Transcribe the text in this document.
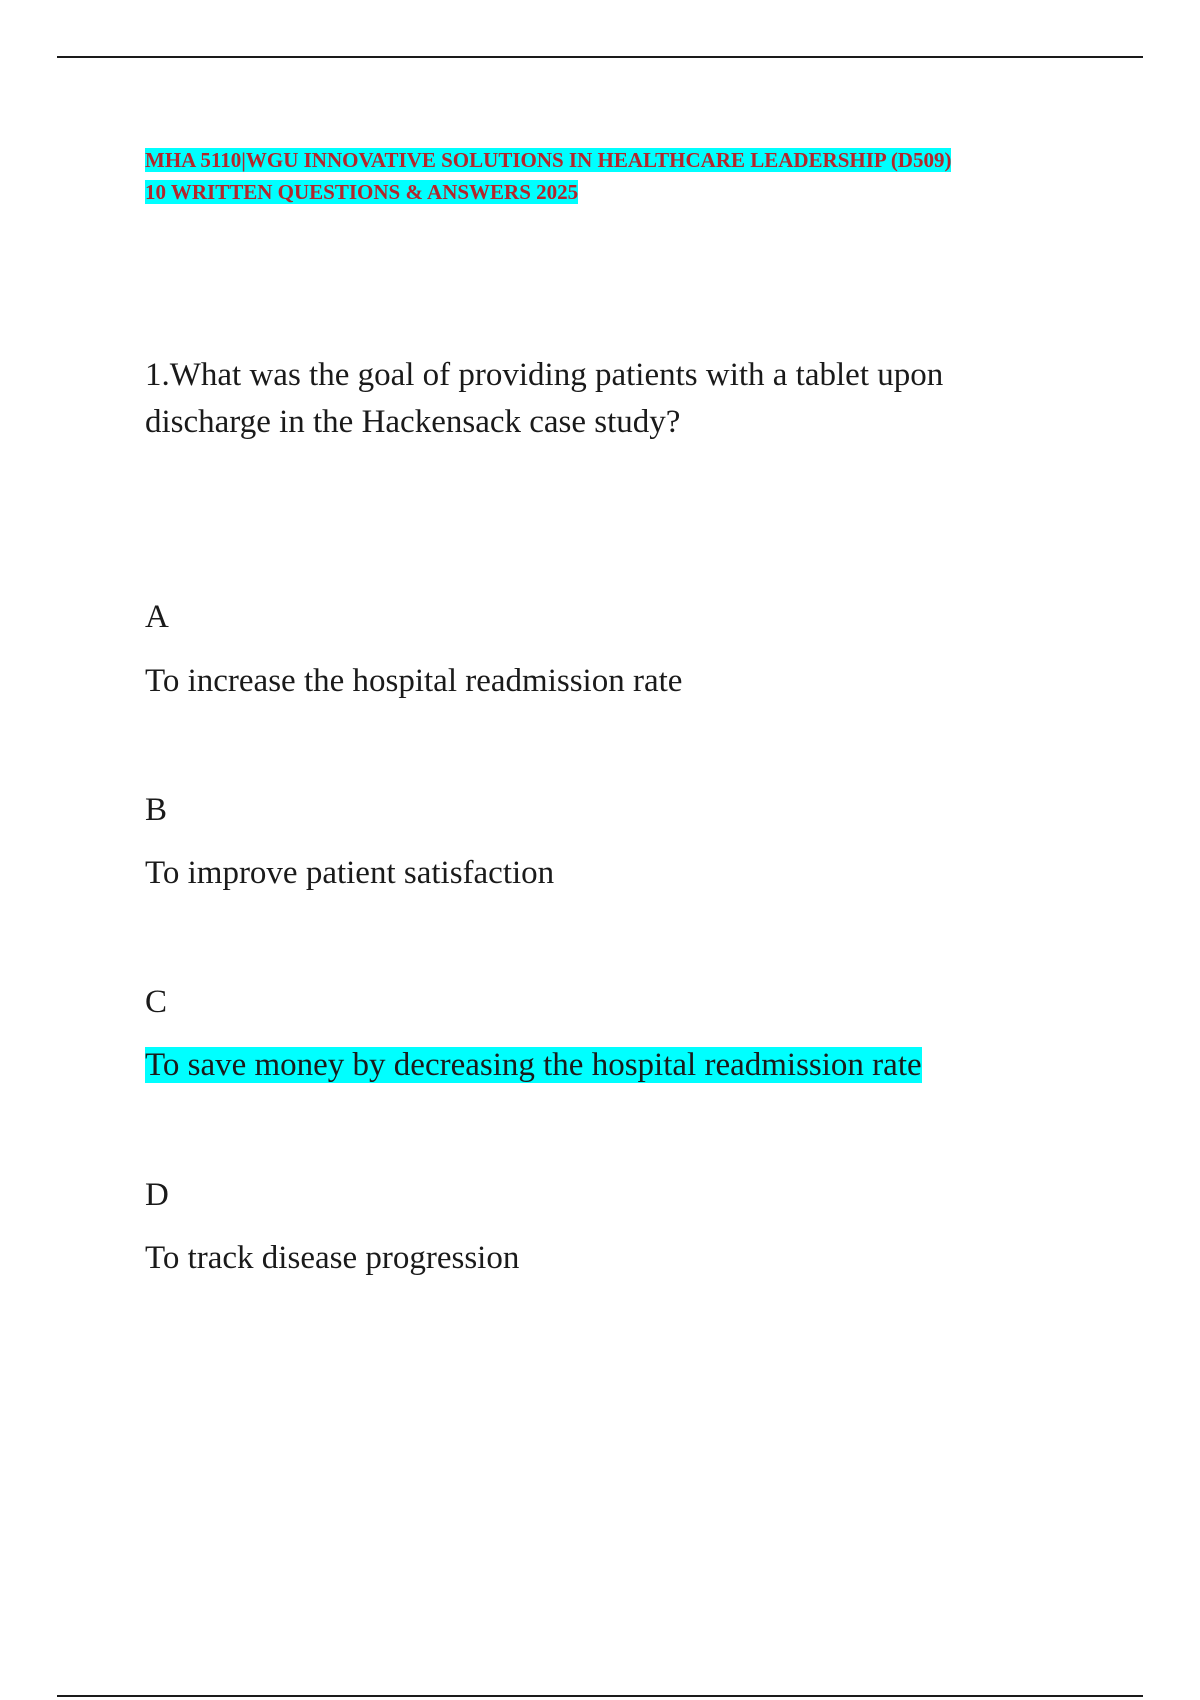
MHA 5110|WGU INNOVATIVE SOLUTIONS IN HEALTHCARE LEADERSHIP (D509)
10 WRITTEN QUESTIONS & ANSWERS 2025

1.What was the goal of providing patients with a tablet upon
discharge in the Hackensack case study?

A

To increase the hospital readmission rate

B

To improve patient satisfaction

C

To save money by decreasing the hospital readmission rate

D

To track disease progression
